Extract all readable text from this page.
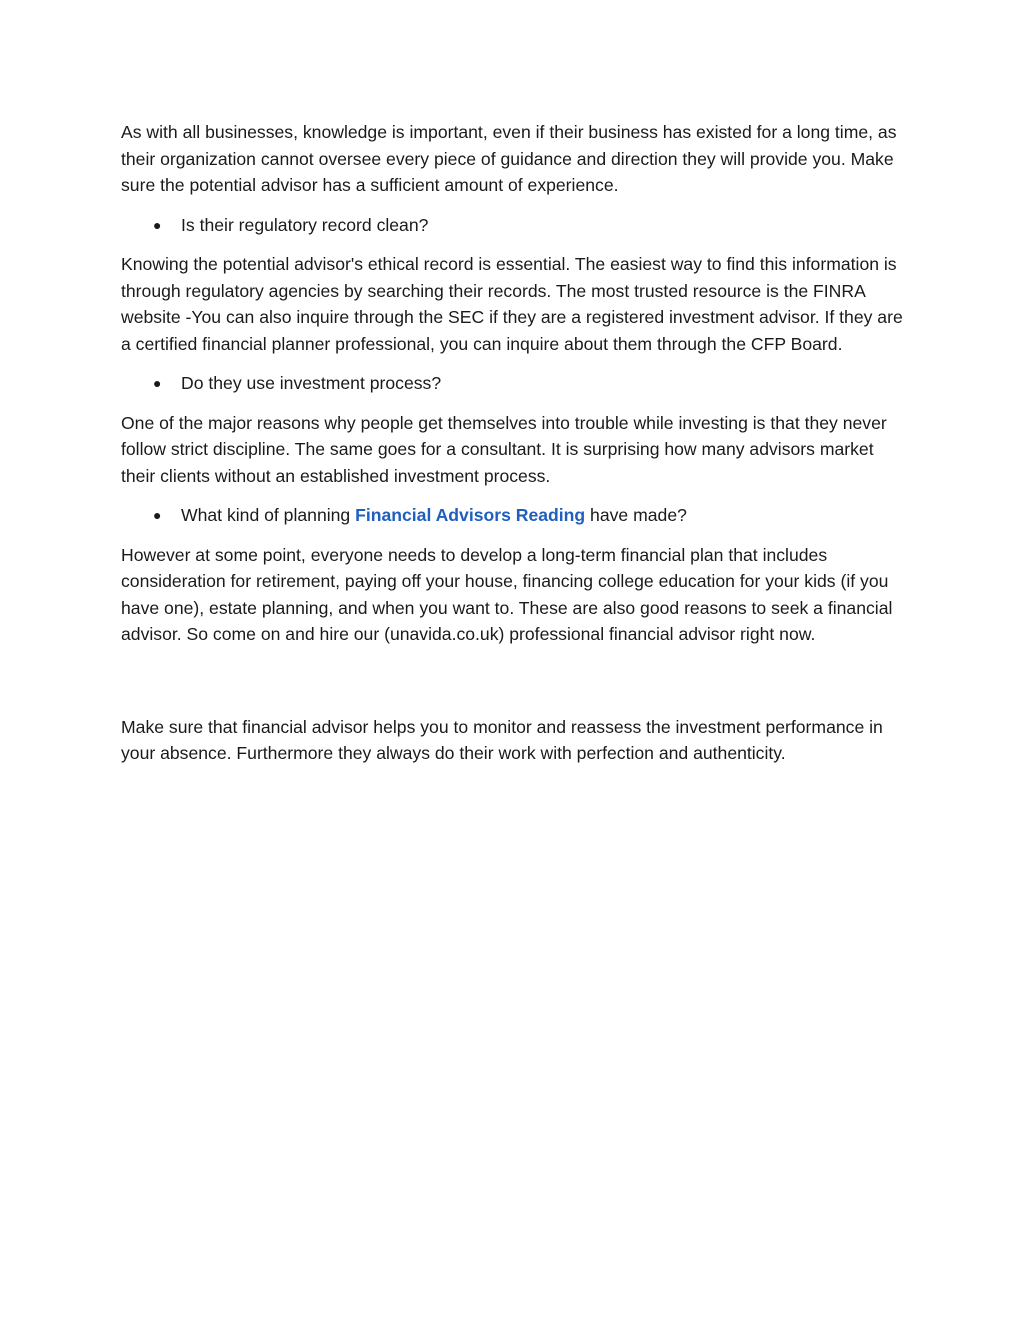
As with all businesses, knowledge is important, even if their business has existed for a long time, as their organization cannot oversee every piece of guidance and direction they will provide you. Make sure the potential advisor has a sufficient amount of experience.

● Is their regulatory record clean?

Knowing the potential advisor's ethical record is essential. The easiest way to find this information is through regulatory agencies by searching their records. The most trusted resource is the FINRA website -You can also inquire through the SEC if they are a registered investment advisor. If they are a certified financial planner professional, you can inquire about them through the CFP Board.

● Do they use investment process?

One of the major reasons why people get themselves into trouble while investing is that they never follow strict discipline. The same goes for a consultant. It is surprising how many advisors market their clients without an established investment process.

● What kind of planning Financial Advisors Reading have made?

However at some point, everyone needs to develop a long-term financial plan that includes consideration for retirement, paying off your house, financing college education for your kids (if you have one), estate planning, and when you want to. These are also good reasons to seek a financial advisor. So come on and hire our (unavida.co.uk) professional financial advisor right now.

Make sure that financial advisor helps you to monitor and reassess the investment performance in your absence. Furthermore they always do their work with perfection and authenticity.
